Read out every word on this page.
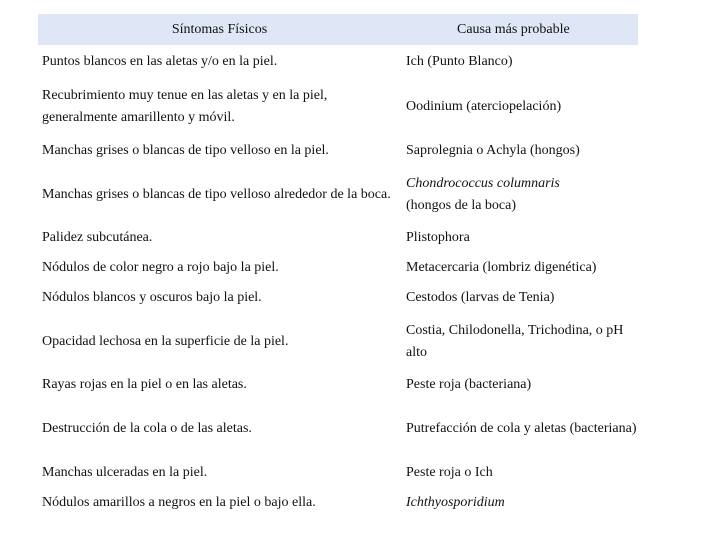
Síntomas Físicos	Causa más probable
Puntos blancos en las aletas y/o en la piel.	Ich (Punto Blanco)
Recubrimiento muy tenue en las aletas y en la piel, generalmente amarillento y móvil.	Oodinium (aterciopelación)
Manchas grises o blancas de tipo velloso en la piel.	Saprolegnia o Achyla (hongos)
Manchas grises o blancas de tipo velloso alrededor de la boca.	Chondrococcus columnaris
(hongos de la boca)
Palidez subcutánea.	Plistophora
Nódulos de color negro a rojo bajo la piel.	Metacercaria (lombriz digenética)
Nódulos blancos y oscuros bajo la piel.	Cestodos (larvas de Tenia)
Opacidad lechosa en la superficie de la piel.	Costia, Chilodonella, Trichodina, o pH alto
Rayas rojas en la piel o en las aletas.	Peste roja (bacteriana)
Destrucción de la cola o de las aletas.	Putrefacción de cola y aletas (bacteriana)
Manchas ulceradas en la piel.	Peste roja o Ich
Nódulos amarillos a negros en la piel o bajo ella.	Ichthyosporidium
